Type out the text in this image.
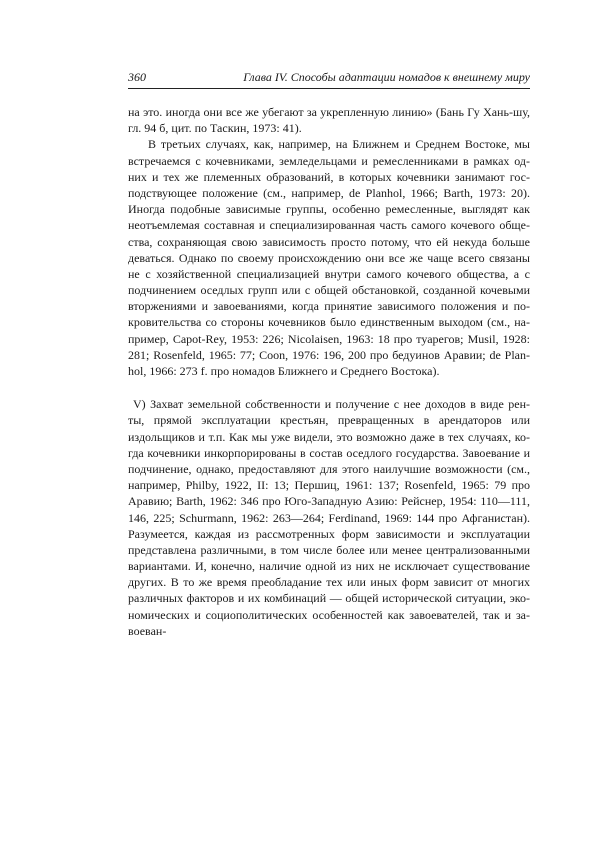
360	Глава IV. Способы адаптации номадов к внешнему миру
на это. иногда они все же убегают за укрепленную линию» (Бань Гу Хань-шу,
гл. 94 б, цит. по Таскин, 1973: 41).
В третьих случаях, как, например, на Ближнем и Среднем Востоке, мы
встречаемся с кочевниками, земледельцами и ремесленниками в рамках од-
них и тех же племенных образований, в которых кочевники занимают гос-
подствующее положение (см., например, de Planhol, 1966; Barth, 1973: 20).
Иногда подобные зависимые группы, особенно ремесленные, выглядят как
неотъемлемая составная и специализированная часть самого кочевого обще-
ства, сохраняющая свою зависимость просто потому, что ей некуда больше
деваться. Однако по своему происхождению они все же чаще всего связаны
не с хозяйственной специализацией внутри самого кочевого общества, а с
подчинением оседлых групп или с общей обстановкой, созданной кочевыми
вторжениями и завоеваниями, когда принятие зависимого положения и по-
кровительства со стороны кочевников было единственным выходом (см., на-
пример, Capot-Rey, 1953: 226; Nicolaisen, 1963: 18 про туарегов; Musil, 1928:
281; Rosenfeld, 1965: 77; Coon, 1976: 196, 200 про бедуинов Аравии; de Plan-
hol, 1966: 273 f. про номадов Ближнего и Среднего Востока).
V) Захват земельной собственности и получение с нее доходов в виде рен-
ты, прямой эксплуатации крестьян, превращенных в арендаторов или
издольщиков и т.п. Как мы уже видели, это возможно даже в тех случаях, ко-
гда кочевники инкорпорированы в состав оседлого государства. Завоевание и
подчинение, однако, предоставляют для этого наилучшие возможности (см.,
например, Philby, 1922, II: 13; Першиц, 1961: 137; Rosenfeld, 1965: 79 про
Аравию; Barth, 1962: 346 про Юго-Западную Азию: Рейснер, 1954: 110—111,
146, 225; Schurmann, 1962: 263—264; Ferdinand, 1969: 144 про Афганистан).
Разумеется, каждая из рассмотренных форм зависимости и эксплуатации
представлена различными, в том числе более или менее централизованными
вариантами. И, конечно, наличие одной из них не исключает существование
других. В то же время преобладание тех или иных форм зависит от многих
различных факторов и их комбинаций — общей исторической ситуации, эко-
номических и социополитических особенностей как завоевателей, так и за-
воеван-
